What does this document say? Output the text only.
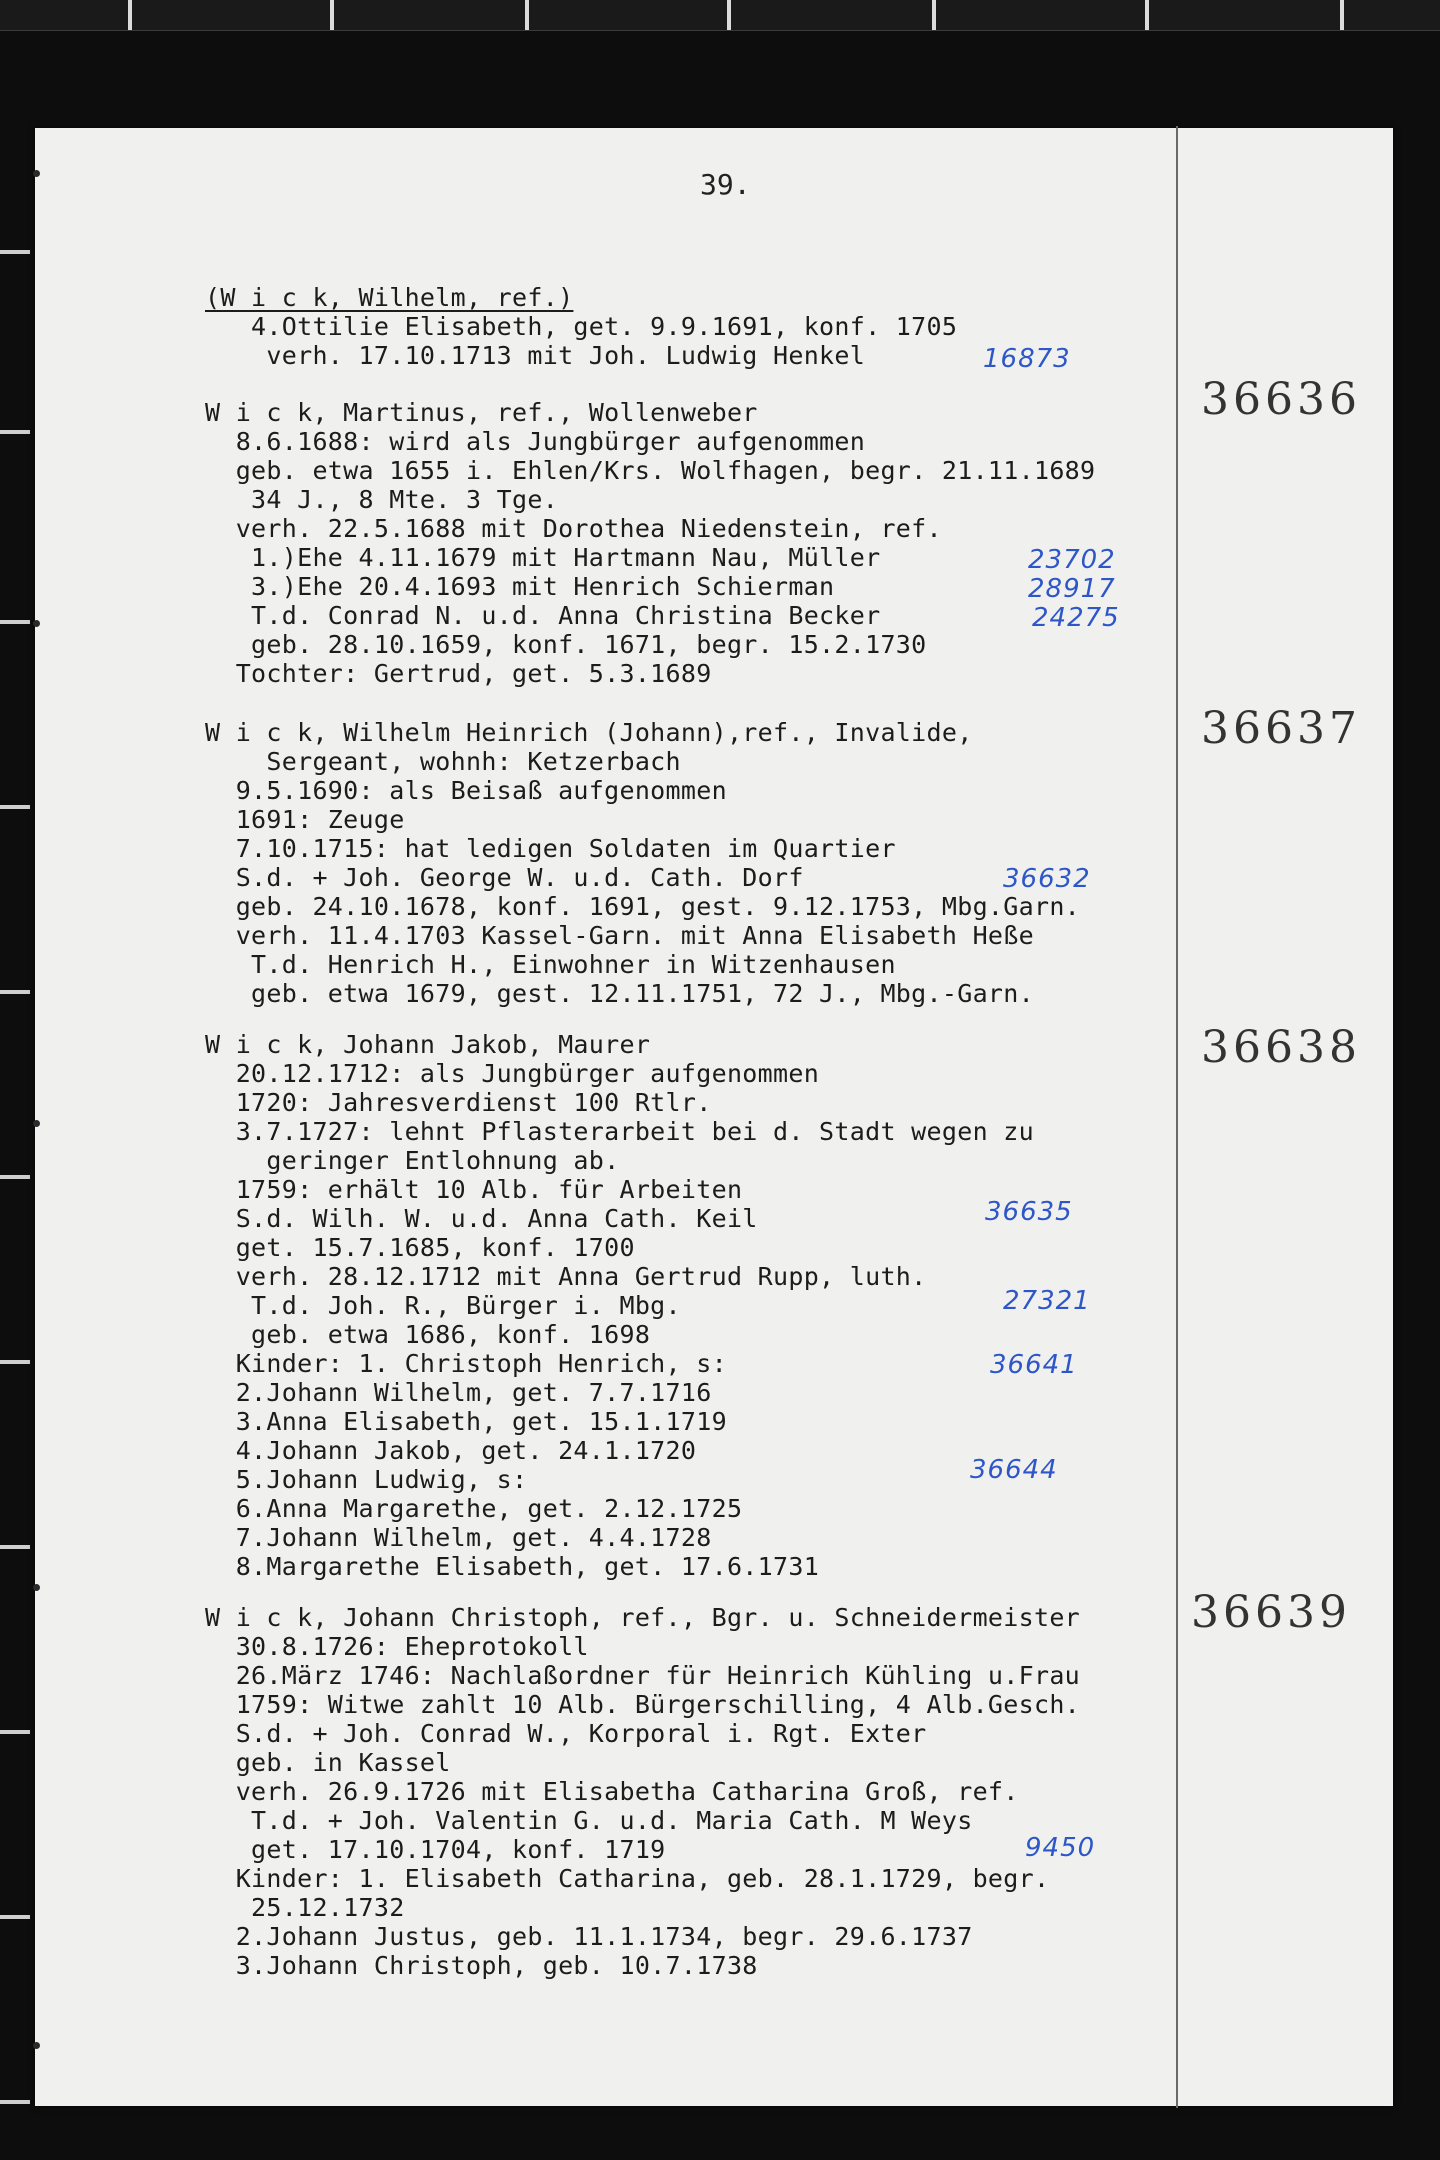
39.
(W i c k, Wilhelm, ref.)
4.Ottilie Elisabeth, get. 9.9.1691, konf. 1705
verh. 17.10.1713 mit Joh. Ludwig Henkel	16873
W i c k, Martinus, ref., Wollenweber
8.6.1688: wird als Jungbürger aufgenommen
geb. etwa 1655 i. Ehlen/Krs. Wolfhagen, begr. 21.11.1689
34 J., 8 Mte. 3 Tge.
verh. 22.5.1688 mit Dorothea Niedenstein, ref.
1.)Ehe 4.11.1679 mit Hartmann Nau, Müller
3.)Ehe 20.4.1693 mit Henrich Schierman
T.d. Conrad N. u.d. Anna Christina Becker
geb. 28.10.1659, konf. 1671, begr. 15.2.1730
Tochter: Gertrud, get. 5.3.1689
36636
23702
28917
24275
W i c k, Wilhelm Heinrich (Johann),ref., Invalide,
Sergeant, wohnh: Ketzerbach
9.5.1690: als Beisaß aufgenommen
1691: Zeuge
7.10.1715: hat ledigen Soldaten im Quartier
S.d. + Joh. George W. u.d. Cath. Dorf
geb. 24.10.1678, konf. 1691, gest. 9.12.1753, Mbg.Garn.
verh. 11.4.1703 Kassel-Garn. mit Anna Elisabeth Heße
T.d. Henrich H., Einwohner in Witzenhausen
geb. etwa 1679, gest. 12.11.1751, 72 J., Mbg.-Garn.
36637
36632
W i c k, Johann Jakob, Maurer
20.12.1712: als Jungbürger aufgenommen
1720: Jahresverdienst 100 Rtlr.
3.7.1727: lehnt Pflasterarbeit bei d. Stadt wegen zu
geringer Entlohnung ab.
1759: erhält 10 Alb. für Arbeiten
S.d. Wilh. W. u.d. Anna Cath. Keil
get. 15.7.1685, konf. 1700
verh. 28.12.1712 mit Anna Gertrud Rupp, luth.
T.d. Joh. R., Bürger i. Mbg.
geb. etwa 1686, konf. 1698
Kinder: 1. Christoph Henrich, s:
2.Johann Wilhelm, get. 7.7.1716
3.Anna Elisabeth, get. 15.1.1719
4.Johann Jakob, get. 24.1.1720
5.Johann Ludwig, s:
6.Anna Margarethe, get. 2.12.1725
7.Johann Wilhelm, get. 4.4.1728
8.Margarethe Elisabeth, get. 17.6.1731
36638
36635
27321
36641
36644
W i c k, Johann Christoph, ref., Bgr. u. Schneidermeister
30.8.1726: Eheprotokoll
26.März 1746: Nachlaßordner für Heinrich Kühling u.Frau
1759: Witwe zahlt 10 Alb. Bürgerschilling, 4 Alb.Gesch.
S.d. + Joh. Conrad W., Korporal i. Rgt. Exter
geb. in Kassel
verh. 26.9.1726 mit Elisabetha Catharina Groß, ref.
T.d. + Joh. Valentin G. u.d. Maria Cath. M Weys
get. 17.10.1704, konf. 1719
Kinder: 1. Elisabeth Catharina, geb. 28.1.1729, begr.
25.12.1732
2.Johann Justus, geb. 11.1.1734, begr. 29.6.1737
3.Johann Christoph, geb. 10.7.1738
36639
9450
